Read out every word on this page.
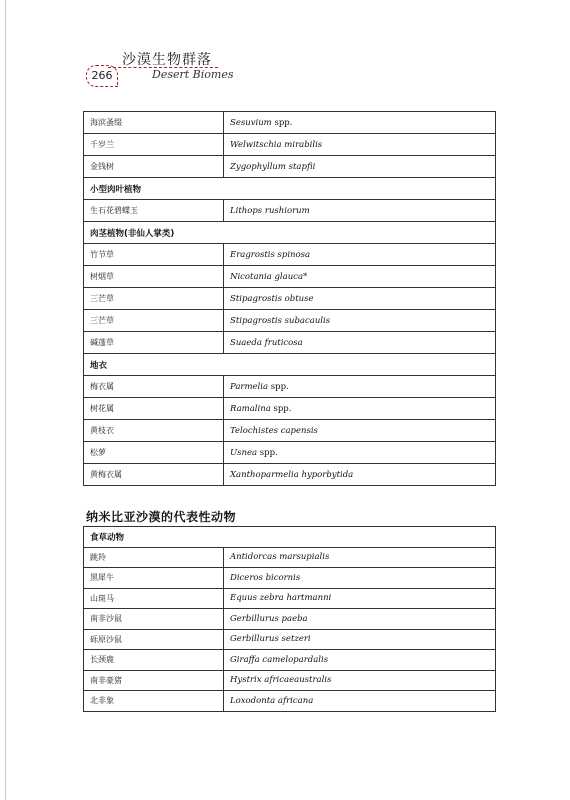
266
沙漠生物群落
Desert Biomes
海滨蚤缀	Sesuvium spp.
千岁兰	Welwitschia mirabilis
金钱树	Zygophyllum stapfii
小型肉叶植物	
生石花碧蝶玉	Lithops rushiorum
肉茎植物(非仙人掌类)	
竹节草	Eragrostis spinosa
树烟草	Nicotania glauca*
三芒草	Stipagrostis obtuse
三芒草	Stipagrostis subacaulis
碱蓬草	Suaeda fruticosa
地衣	
梅衣属	Parmelia spp.
树花属	Ramalina spp.
黄枝衣	Telochistes capensis
松萝	Usnea spp.
黄梅衣属	Xanthoparmelia hyporbytida
纳米比亚沙漠的代表性动物
食草动物	
跳羚	Antidorcas marsupialis
黑犀牛	Diceros bicornis
山斑马	Equus zebra hartmanni
南非沙鼠	Gerbillurus paeba
砾原沙鼠	Gerbillurus setzeri
长颈鹿	Giraffa camelopardalis
南非豪猪	Hystrix africaeaustralis
北非象	Loxodonta africana
